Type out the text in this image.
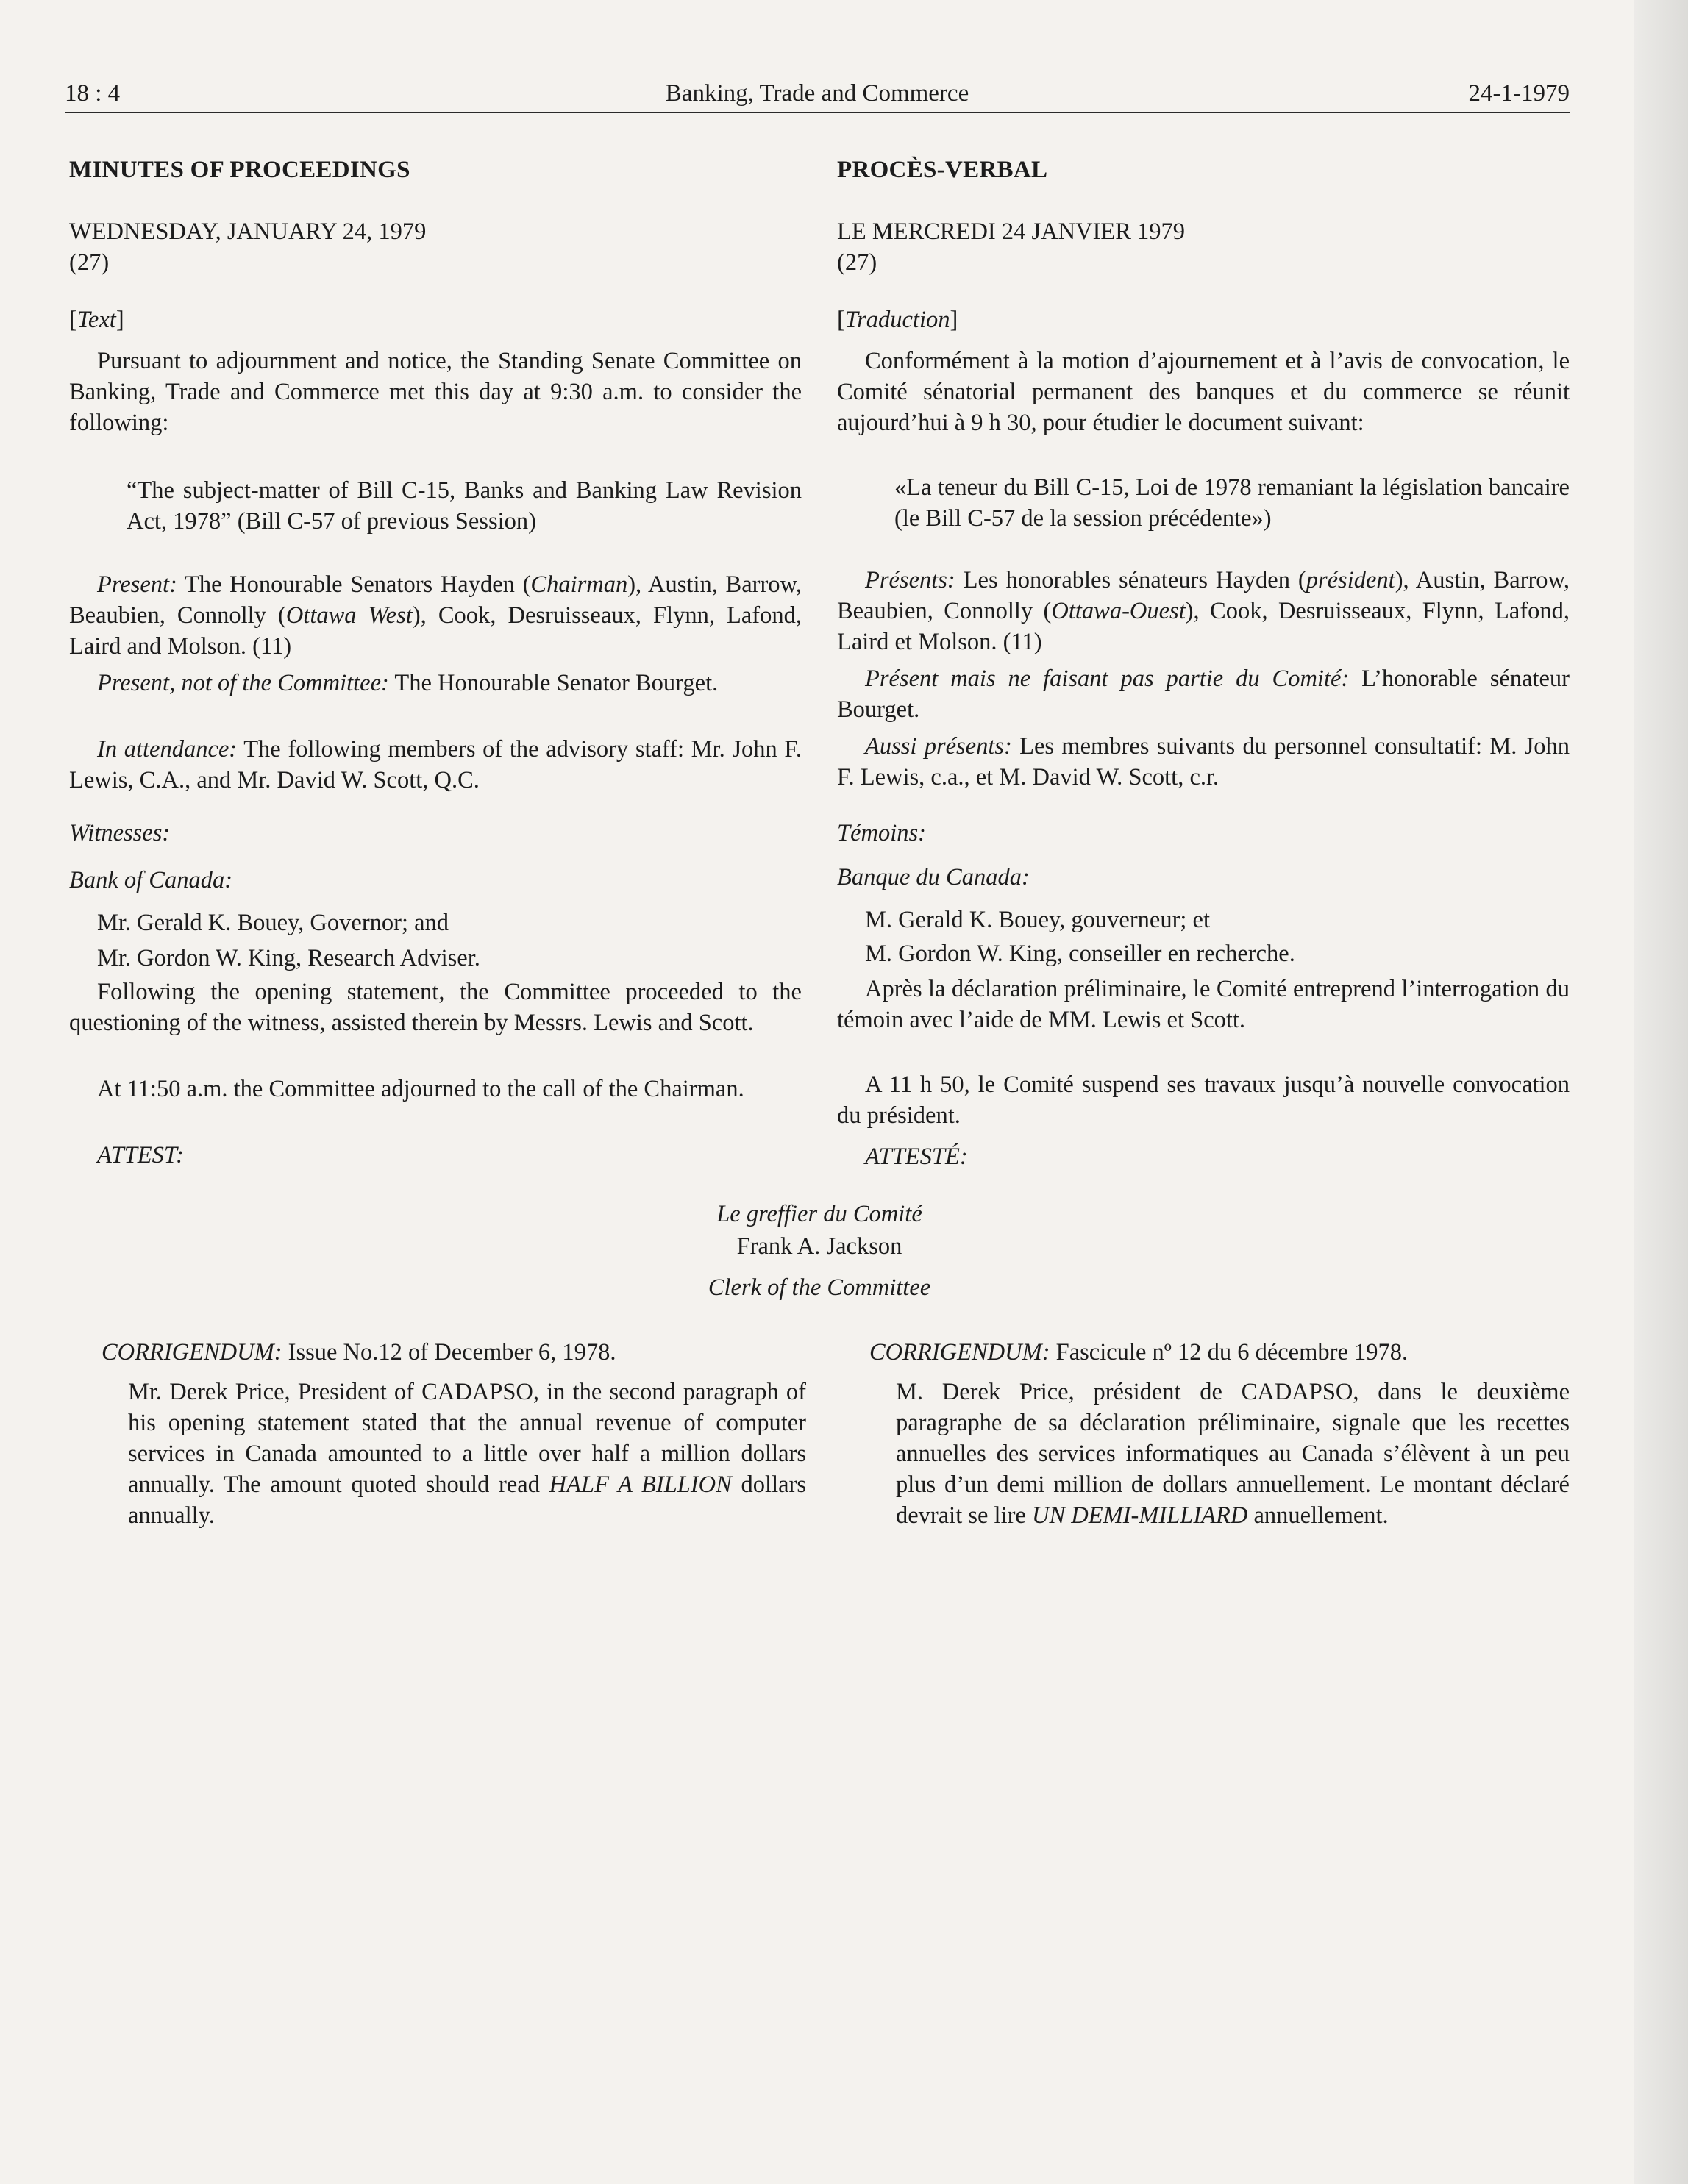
18 : 4	Banking, Trade and Commerce	24-1-1979

MINUTES OF PROCEEDINGS

WEDNESDAY, JANUARY 24, 1979

(27)

[Text]

Pursuant to adjournment and notice, the Standing Senate Committee on Banking, Trade and Commerce met this day at 9:30 a.m. to consider the following:

“The subject-matter of Bill C-15, Banks and Banking Law Revision Act, 1978” (Bill C-57 of previous Session)

Present: The Honourable Senators Hayden (Chairman), Austin, Barrow, Beaubien, Connolly (Ottawa West), Cook, Desruisseaux, Flynn, Lafond, Laird and Molson. (11)

Present, not of the Committee: The Honourable Senator Bourget.

In attendance: The following members of the advisory staff: Mr. John F. Lewis, C.A., and Mr. David W. Scott, Q.C.

Witnesses:

Bank of Canada:

Mr. Gerald K. Bouey, Governor; and

Mr. Gordon W. King, Research Adviser.

Following the opening statement, the Committee proceeded to the questioning of the witness, assisted therein by Messrs. Lewis and Scott.

At 11:50 a.m. the Committee adjourned to the call of the Chairman.

ATTEST:

PROCÈS-VERBAL

LE MERCREDI 24 JANVIER 1979

(27)

[Traduction]

Conformément à la motion d’ajournement et à l’avis de convocation, le Comité sénatorial permanent des banques et du commerce se réunit aujourd’hui à 9 h 30, pour étudier le document suivant:

«La teneur du Bill C-15, Loi de 1978 remaniant la législation bancaire (le Bill C-57 de la session précédente»)

Présents: Les honorables sénateurs Hayden (président), Austin, Barrow, Beaubien, Connolly (Ottawa-Ouest), Cook, Desruisseaux, Flynn, Lafond, Laird et Molson. (11)

Présent mais ne faisant pas partie du Comité: L’honorable sénateur Bourget.

Aussi présents: Les membres suivants du personnel consultatif: M. John F. Lewis, c.a., et M. David W. Scott, c.r.

Témoins:

Banque du Canada:

M. Gerald K. Bouey, gouverneur; et

M. Gordon W. King, conseiller en recherche.

Après la déclaration préliminaire, le Comité entreprend l’interrogation du témoin avec l’aide de MM. Lewis et Scott.

A 11 h 50, le Comité suspend ses travaux jusqu’à nouvelle convocation du président.

ATTESTÉ:

Le greffier du Comité
Frank A. Jackson
Clerk of the Committee

CORRIGENDUM: Issue No.12 of December 6, 1978.

Mr. Derek Price, President of CADAPSO, in the second paragraph of his opening statement stated that the annual revenue of computer services in Canada amounted to a little over half a million dollars annually. The amount quoted should read HALF A BILLION dollars annually.

CORRIGENDUM: Fascicule nº 12 du 6 décembre 1978.

M. Derek Price, président de CADAPSO, dans le deuxième paragraphe de sa déclaration préliminaire, signale que les recettes annuelles des services informatiques au Canada s’élèvent à un peu plus d’un demi million de dollars annuellement. Le montant déclaré devrait se lire UN DEMI-MILLIARD annuellement.
